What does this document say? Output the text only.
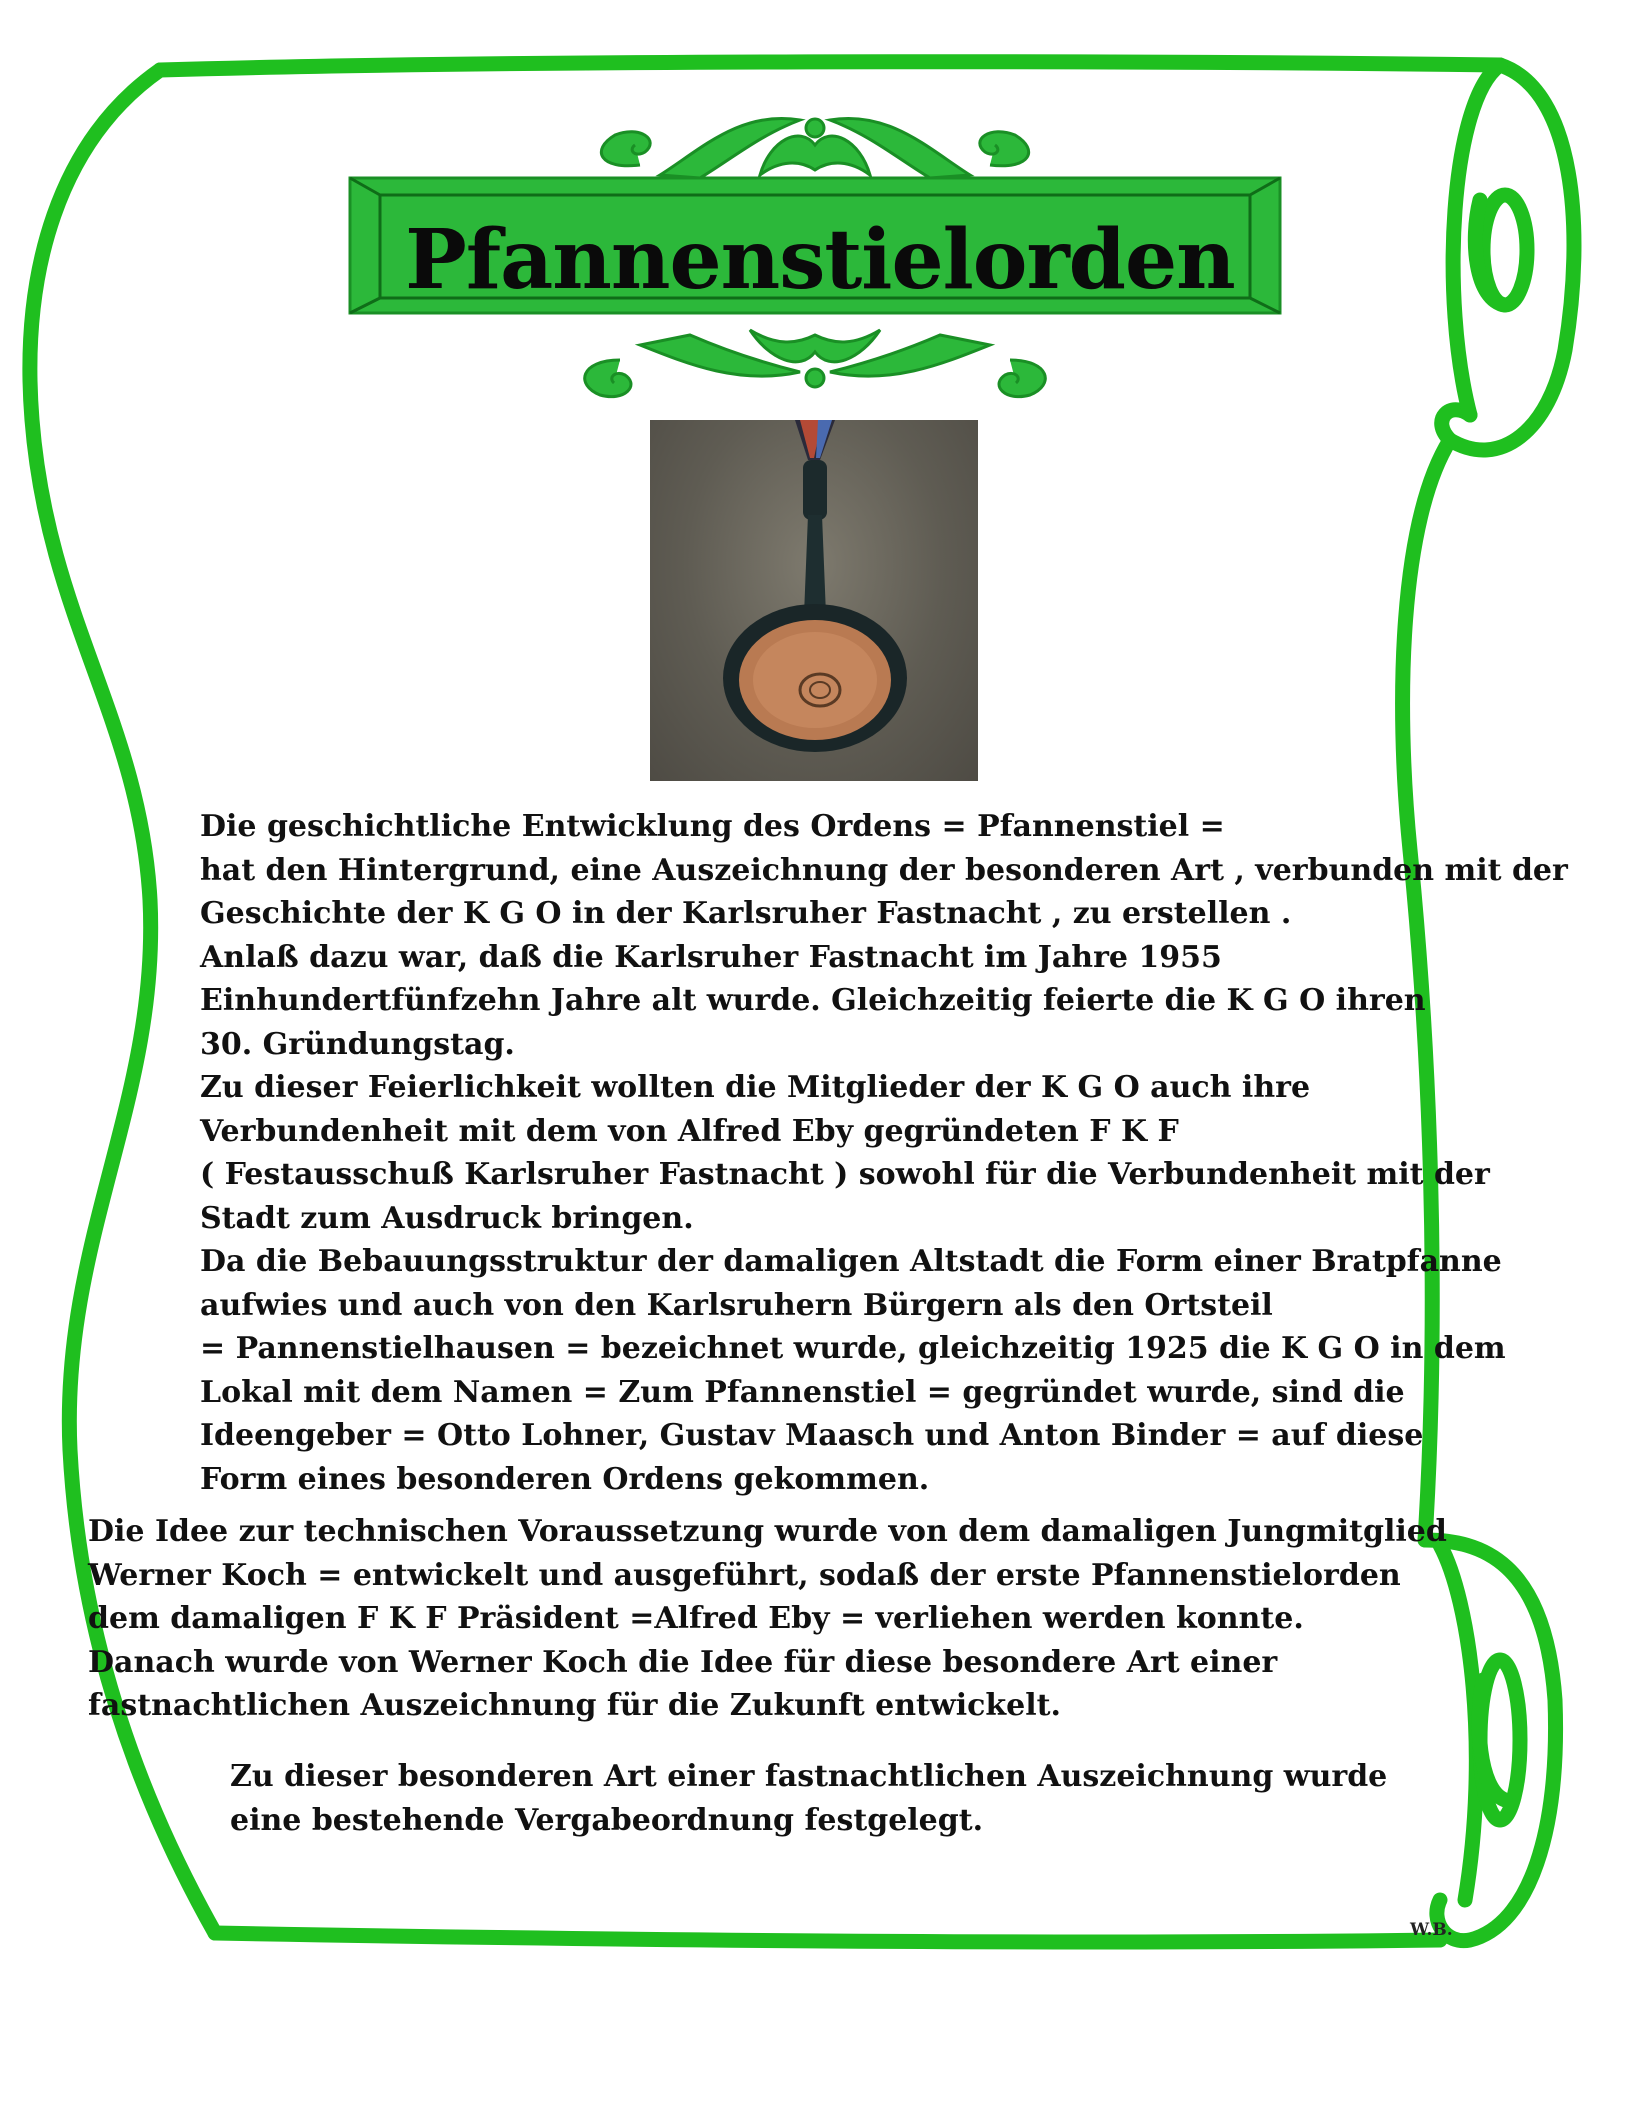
Pfannenstielorden
Die geschichtliche Entwicklung des Ordens = Pfannenstiel =
hat den Hintergrund, eine Auszeichnung der besonderen Art , verbunden mit der
Geschichte der K G O in der Karlsruher Fastnacht , zu erstellen .
Anlaß dazu war, daß die Karlsruher Fastnacht im Jahre 1955
Einhundertfünfzehn Jahre alt wurde. Gleichzeitig feierte die K G O ihren
30. Gründungstag.
Zu dieser Feierlichkeit wollten die Mitglieder der K G O auch ihre
Verbundenheit mit dem von Alfred Eby gegründeten F K F
( Festausschuß Karlsruher Fastnacht ) sowohl für die Verbundenheit mit der
Stadt zum Ausdruck bringen.
Da die Bebauungsstruktur der damaligen Altstadt die Form einer Bratpfanne
aufwies und auch von den Karlsruhern Bürgern als den Ortsteil
= Pannenstielhausen = bezeichnet wurde, gleichzeitig 1925 die K G O in dem
Lokal mit dem Namen = Zum Pfannenstiel = gegründet wurde, sind die
Ideengeber = Otto Lohner, Gustav Maasch und Anton Binder = auf diese
Form eines besonderen Ordens gekommen.
Die Idee zur technischen Voraussetzung wurde von dem damaligen Jungmitglied
Werner Koch = entwickelt und ausgeführt, sodaß der erste Pfannenstielorden
dem damaligen F K F Präsident =Alfred Eby = verliehen werden konnte.
Danach wurde von Werner Koch die Idee für diese besondere Art einer
fastnachtlichen Auszeichnung für die Zukunft entwickelt.
Zu dieser besonderen Art einer fastnachtlichen Auszeichnung wurde
eine bestehende Vergabeordnung festgelegt.
W.B.
